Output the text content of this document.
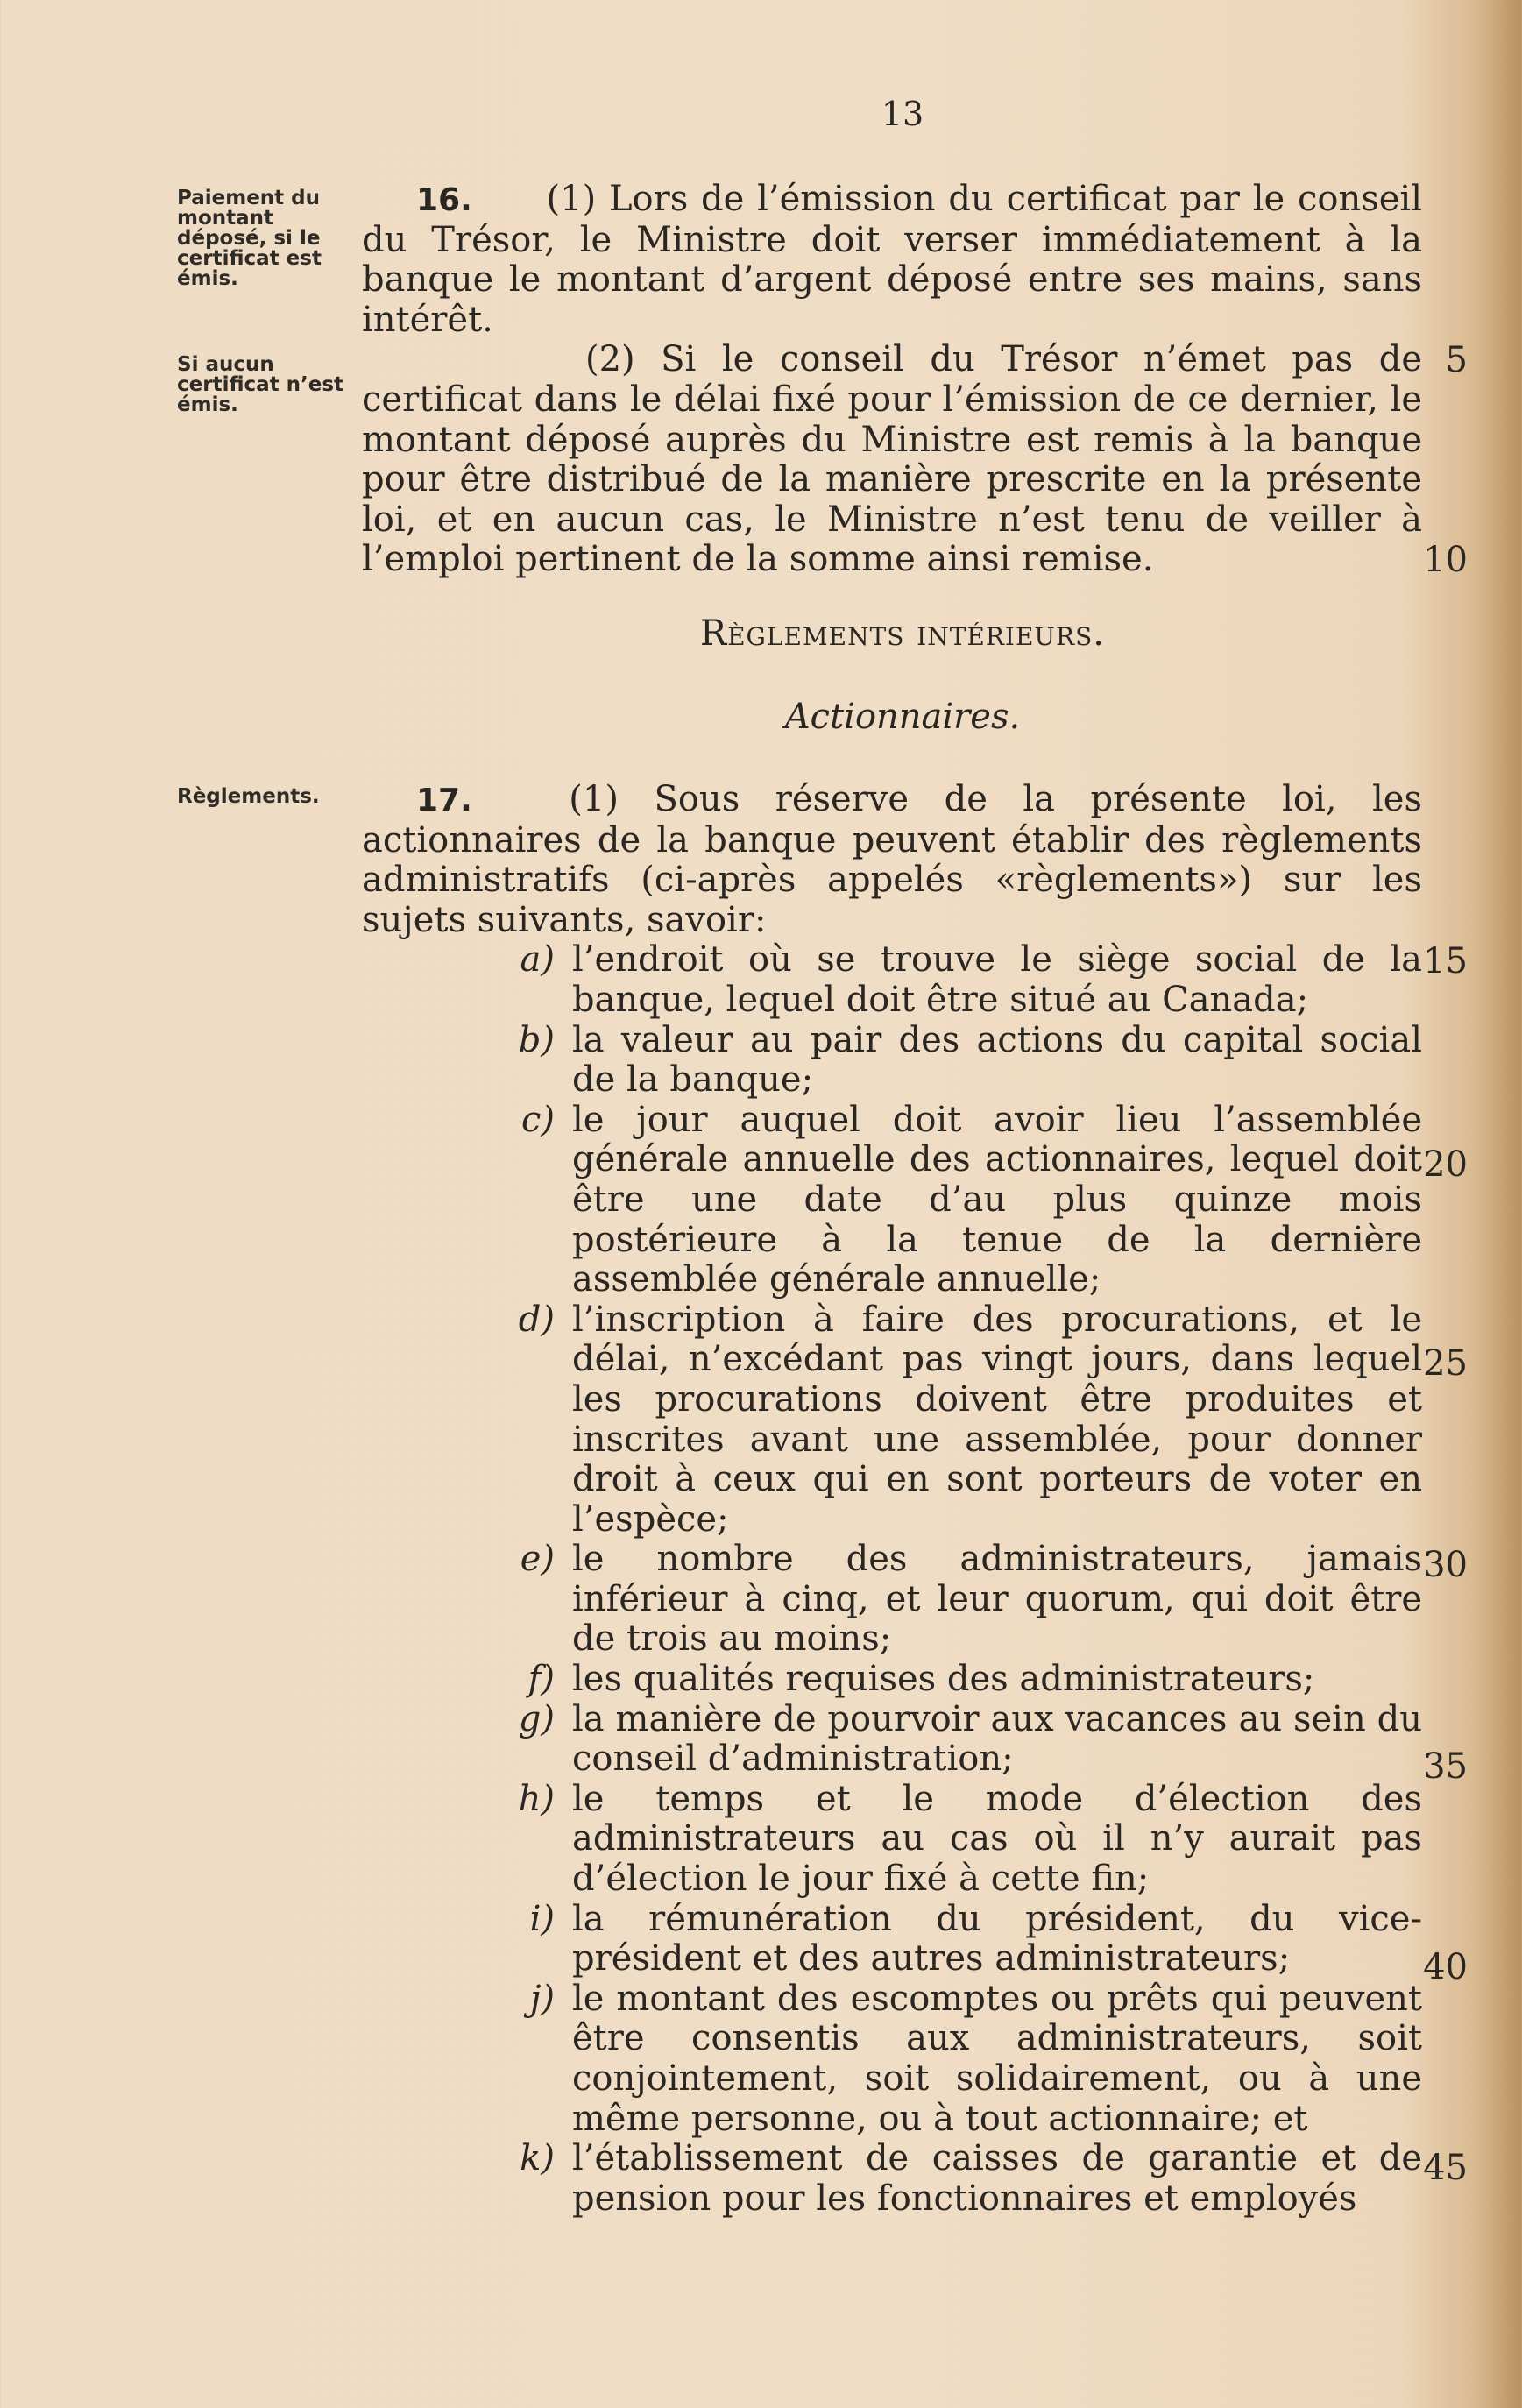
13
Paiement du montant déposé, si le certificat est émis.
Si aucun certificat n’est émis.
Règlements.

16. (1) Lors de l’émission du certificat par le conseil du Trésor, le Ministre doit verser immédiatement à la banque le montant d’argent déposé entre ses mains, sans intérêt.

(2) Si le conseil du Trésor n’émet pas de certificat dans le délai fixé pour l’émission de ce dernier, le montant déposé auprès du Ministre est remis à la banque pour être distribué de la manière prescrite en la présente loi, et en aucun cas, le Ministre n’est tenu de veiller à l’emploi pertinent de la somme ainsi remise.

Règlements intérieurs.
Actionnaires.

17.	(1) Sous réserve de la présente loi, les actionnaires de la banque peuvent établir des règlements administratifs (ci-après appelés «règlements») sur les sujets suivants, savoir:

a) l’endroit où se trouve le siège social de la banque, lequel doit être situé au Canada;
b) la valeur au pair des actions du capital social de la banque;
c) le jour auquel doit avoir lieu l’assemblée générale annuelle des actionnaires, lequel doit être une date d’au plus quinze mois postérieure à la tenue de la dernière assemblée générale annuelle;
d) l’inscription à faire des procurations, et le délai, n’excédant pas vingt jours, dans lequel les procurations doivent être produites et inscrites avant une assemblée, pour donner droit à ceux qui en sont porteurs de voter en l’espèce;
e) le nombre des administrateurs, jamais inférieur à cinq, et leur quorum, qui doit être de trois au moins;
f) les qualités requises des administrateurs;
g) la manière de pourvoir aux vacances au sein du conseil d’administration;
h) le temps et le mode d’élection des administrateurs au cas où il n’y aurait pas d’élection le jour fixé à cette fin;
i) la rémunération du président, du vice-président et des autres administrateurs;
j) le montant des escomptes ou prêts qui peuvent être consentis aux administrateurs, soit conjointement, soit solidairement, ou à une même personne, ou à tout actionnaire; et
k) l’établissement de caisses de garantie et de pension pour les fonctionnaires et employés
5
10
15
20
25
30
35
40
45
